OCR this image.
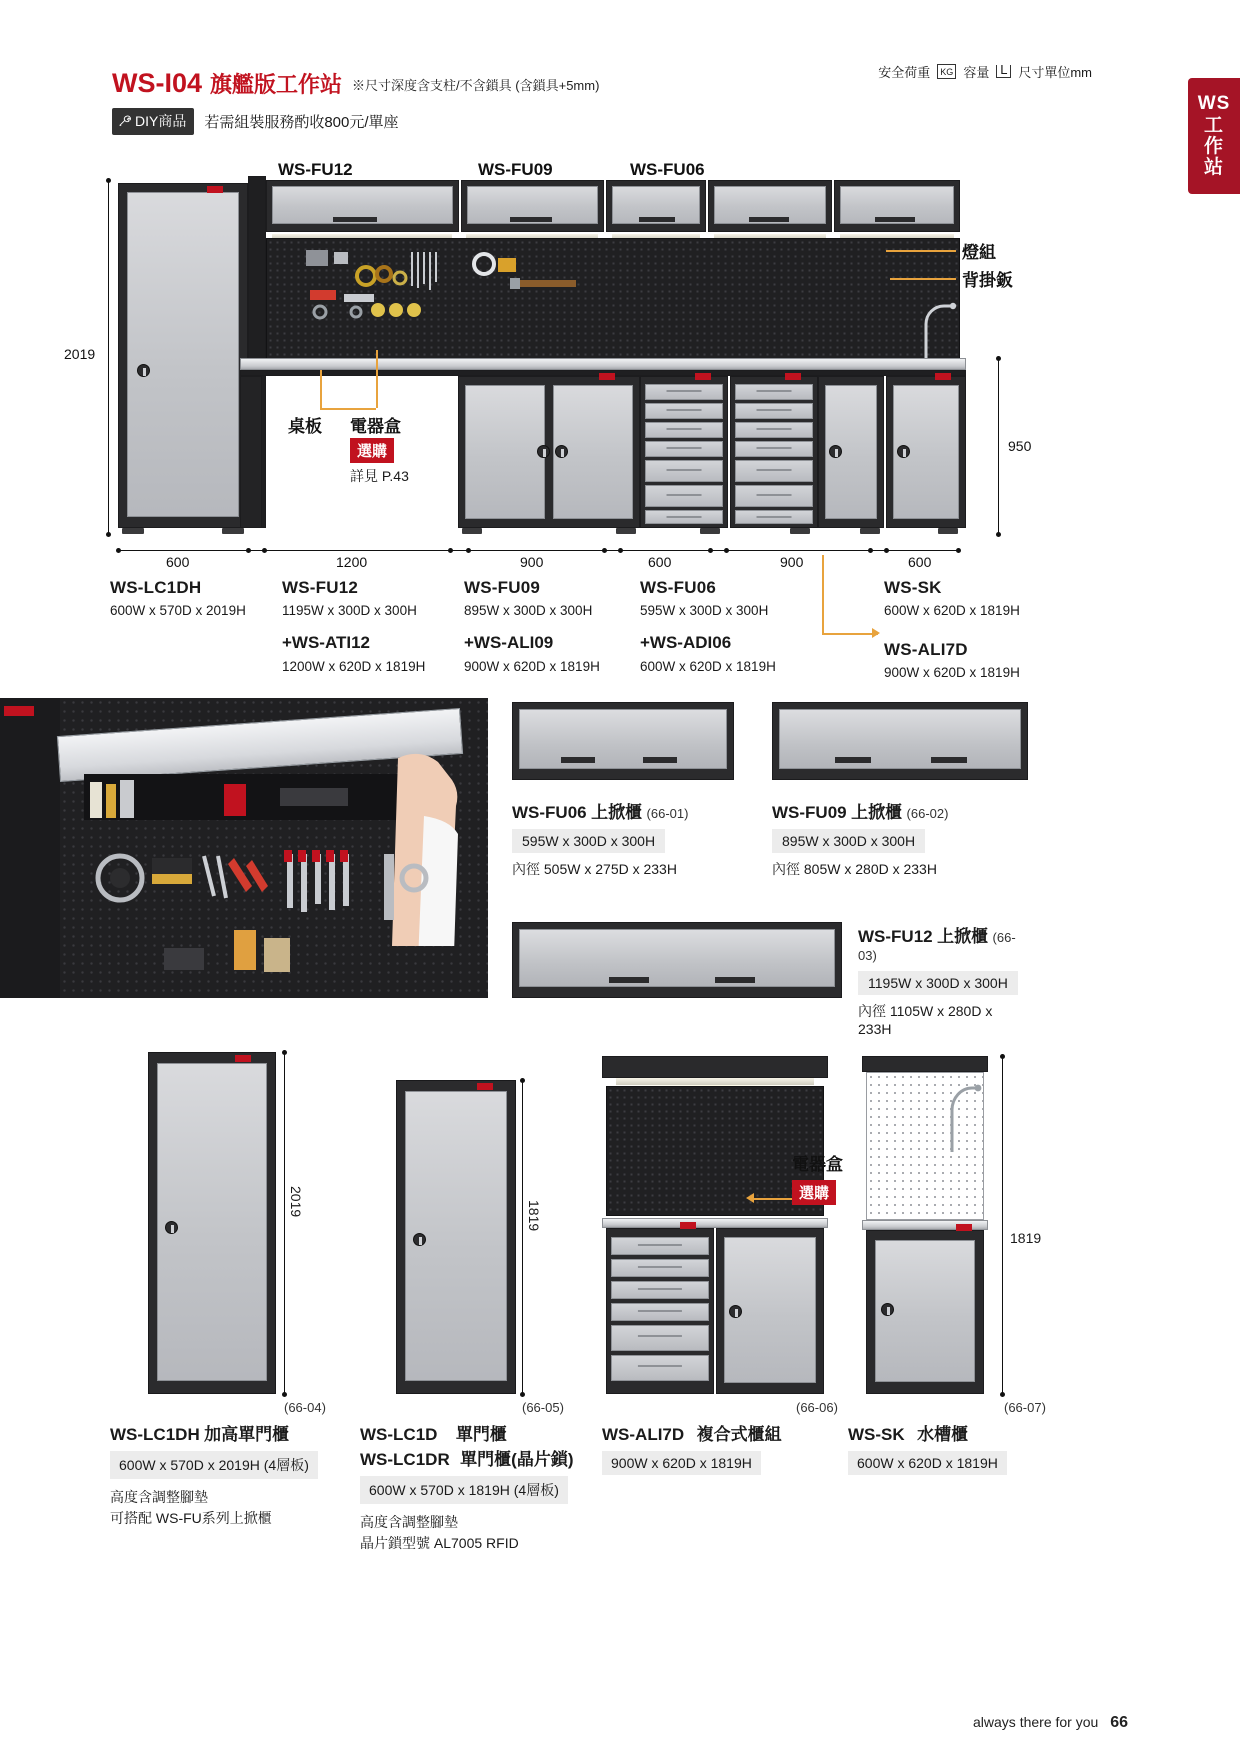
WS-I04 旗艦版工作站 ※尺寸深度含支柱/不含鎖具 (含鎖具+5mm)
DIY商品 若需組裝服務酌收800元/單座
安全荷重	KG 容量 L 尺寸單位mm
WS
工
作
站
WS-FU12	WS-FU09	WS-FU06
燈組
背掛鈑
桌板 電器盒
選購
詳見 P.43
2019
950
600	1200	900	600	900	600
WS-LC1DH
600W x 570D x 2019H
WS-FU12
1195W x 300D x 300H
+WS-ATI12
1200W x 620D x 1819H
WS-FU09
895W x 300D x 300H
+WS-ALI09
900W x 620D x 1819H
WS-FU06
595W x 300D x 300H
+WS-ADI06
600W x 620D x 1819H
WS-SK
600W x 620D x 1819H
WS-ALI7D
900W x 620D x 1819H
WS-FU06 上掀櫃 (66-01)
595W x 300D x 300H
內徑 505W x 275D x 233H
WS-FU09 上掀櫃 (66-02)
895W x 300D x 300H
內徑 805W x 280D x 233H
WS-FU12 上掀櫃 (66-03)
1195W x 300D x 300H
內徑 1105W x 280D x 233H
2019
(66-04)
WS-LC1DH 加高單門櫃
600W x 570D x 2019H (4層板)
高度含調整腳墊
可搭配 WS-FU系列上掀櫃
1819
(66-05)
WS-LC1D 單門櫃
WS-LC1DR 單門櫃(晶片鎖)
600W x 570D x 1819H (4層板)
高度含調整腳墊
晶片鎖型號 AL7005 RFID
(66-06)
電器盒
選購
WS-ALI7D 複合式櫃組
900W x 620D x 1819H
1819
(66-07)
WS-SK 水槽櫃
600W x 620D x 1819H
always there for you 66
